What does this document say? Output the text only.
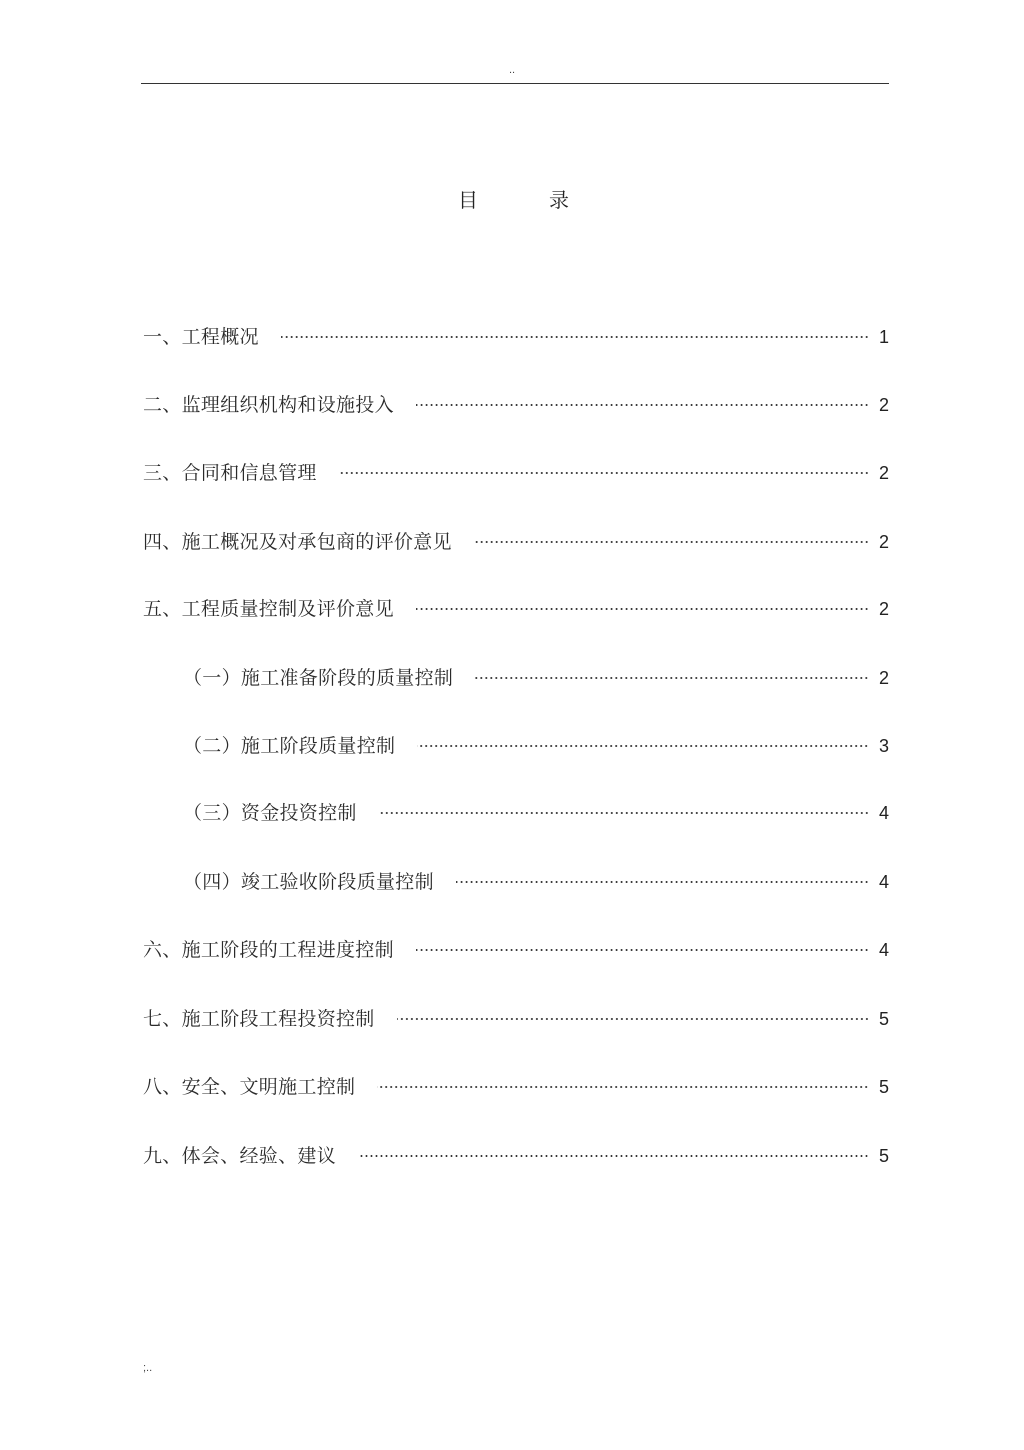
..
目	录
一、工程概况	1
二、监理组织机构和设施投入	2
三、合同和信息管理	2
四、施工概况及对承包商的评价意见	2
五、工程质量控制及评价意见	2
（一）施工准备阶段的质量控制	2
（二）施工阶段质量控制	3
（三）资金投资控制	4
（四）竣工验收阶段质量控制	4
六、施工阶段的工程进度控制	4
七、施工阶段工程投资控制	5
八、安全、文明施工控制	5
九、体会、经验、建议	5
;..
